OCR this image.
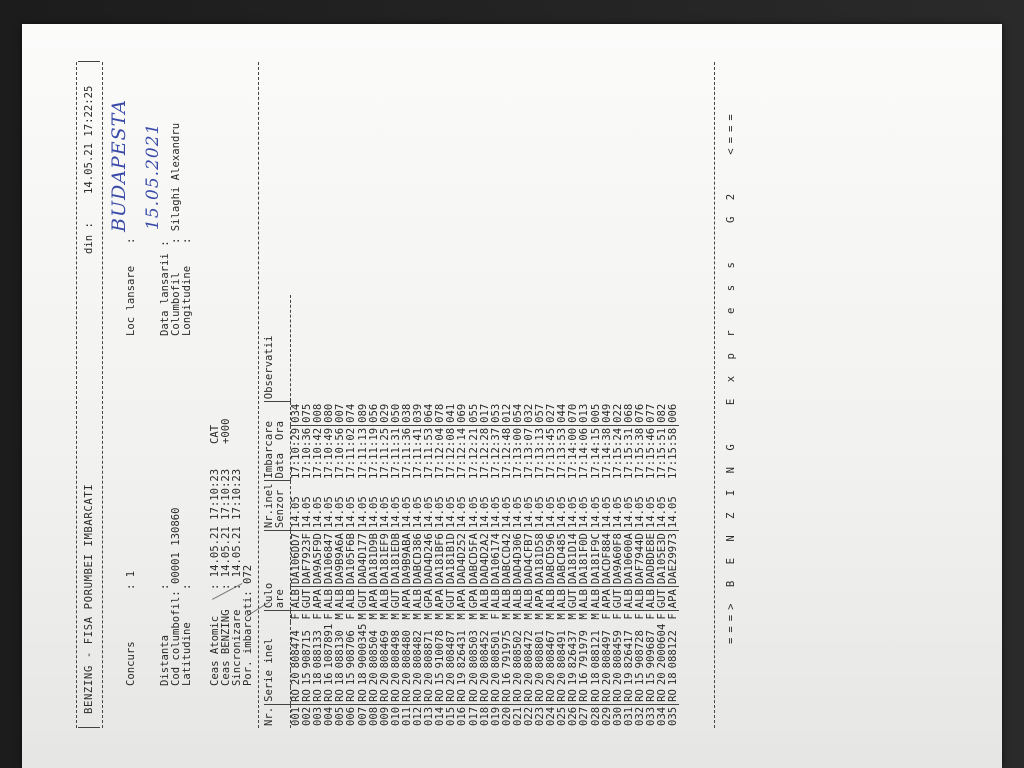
BENZING - FISA PORUMBEI IMBARCATI
din :
14.05.21 17:22:25
Concurs
: 1
Loc lansare
:
BUDAPESTA
Distanta
:
Cod columbofil:
00001 130860
Latitudine
:
Data lansarii :
15.05.2021
Columbofil
: Silaghi Alexandru
Longitudine
:
Ceas Atomic
: 14.05.21 17:10:23
CAT
Ceas BENZING
: 14.05.21 17:10:23
+000
Sincronizare
: 14.05.21 17:10:23
Por. imbarcati:
072
Nr.	Serie inel				Culo
are		Nr.inel
Senzor	Imbarcare
Data  Ora		Observatii
001	RO	20	808474	F	ALB	DA106DD7	14.05	17:10:29	034	
002	RO	15	908715	F	GUT	DAF7923F	14.05	17:10:36	075	
003	RO	18	088133	F	APA	DA9A5F9D	14.05	17:10:42	008	
004	RO	16	1087891	F	ALB	DA106847	14.05	17:10:49	080	
005	RO	18	088130	M	ALB	DA9B9A6A	14.05	17:10:56	007	
006	RO	15	908706	F	ALB	DA105F6B	14.05	17:11:02	074	
007	RO	18	9000345	M	GUT	DAD4D177	14.05	17:11:13	089	
008	RO	20	808504	M	APA	DA181D9B	14.05	17:11:19	056	
009	RO	20	808469	M	ALB	DA181EF9	14.05	17:11:25	029	
010	RO	20	808498	M	GUT	DA181EDB	14.05	17:11:31	050	
011	RO	20	808480	M	APA	DA9B9ABA	14.05	17:11:36	038	
012	RO	20	808482	M	ALB	DABCD386	14.05	17:11:41	039	
013	RO	20	808871	M	GPA	DAD4D246	14.05	17:11:53	064	
014	RO	15	910078	M	APA	DA181BF6	14.05	17:12:04	078	
015	RO	20	808487	M	GUT	DA181B1D	14.05	17:12:08	041	
016	RO	19	826431	M	APA	DAD4D252	14.05	17:12:14	069	
017	RO	20	808503	M	GPA	DABCD5FA	14.05	17:12:21	055	
018	RO	20	808452	M	ALB	DAD4D2A2	14.05	17:12:28	017	
019	RO	20	808501	F	ALB	DA106174	14.05	17:12:37	053	
020	RO	16	791975	M	ALB	DABCCD42	14.05	17:12:48	012	
021	RO	20	808502	M	ALB	DAD4D306	14.05	17:13:00	054	
022	RO	20	808472	M	ALB	DAD4CFB7	14.05	17:13:07	032	
023	RO	20	808801	M	APA	DA181D58	14.05	17:13:13	057	
024	RO	20	808467	M	ALB	DABCD596	14.05	17:13:45	027	
025	RO	20	808491	M	ALB	DABCD485	14.05	17:13:53	044	
026	RO	19	826437	M	GUT	DA181D14	14.05	17:14:00	070	
027	RO	16	791979	M	ALB	DA181F0D	14.05	17:14:06	013	
028	RO	18	088121	M	ALB	DA181F9C	14.05	17:14:15	005	
029	RO	20	808497	F	APA	DACDF884	14.05	17:14:38	049	
030	RO	20	808459	F	GUT	DA9A60F8	14.05	17:15:24	022	
031	RO	19	826417	F	ALB	DA10600A	14.05	17:15:31	068	
032	RO	15	908728	F	ALB	DAF7944D	14.05	17:15:38	076	
033	RO	15	909687	F	ALB	DADBDE8E	14.05	17:15:46	077	
034	RO	20	2000604	F	GUT	DA105E3D	14.05	17:15:51	082	
035	RO	18	088122	F	APA	DAE29973	14.05	17:15:58	006		===> B E N Z I N G   E x p r e s s   G 2   <===
